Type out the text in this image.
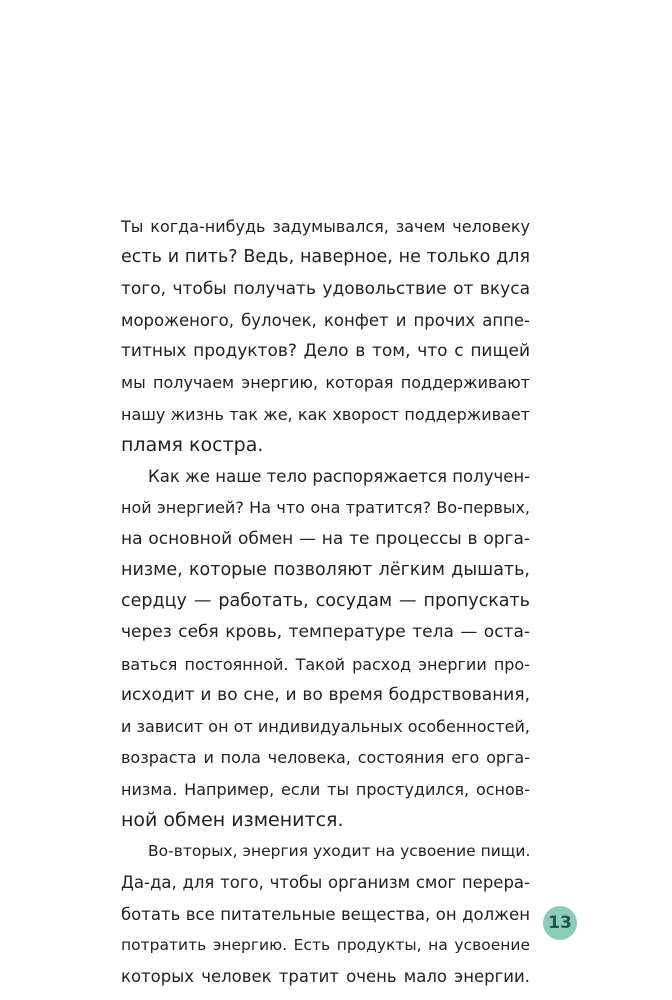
Ты когда-нибудь задумывался, зачем человеку
есть и пить? Ведь, наверное, не только для
того, чтобы получать удовольствие от вкуса
мороженого, булочек, конфет и прочих аппе-
титных продуктов? Дело в том, что с пищей
мы получаем энергию, которая поддерживают
нашу жизнь так же, как хворост поддерживает
пламя костра.
Как же наше тело распоряжается получен-
ной энергией? На что она тратится? Во-первых,
на основной обмен — на те процессы в орга-
низме, которые позволяют лёгким дышать,
сердцу — работать, сосудам — пропускать
через себя кровь, температуре тела — оста-
ваться постоянной. Такой расход энергии про-
исходит и во сне, и во время бодрствования,
и зависит он от индивидуальных особенностей,
возраста и пола человека, состояния его орга-
низма. Например, если ты простудился, основ-
ной обмен изменится.
Во-вторых, энергия уходит на усвоение пищи.
Да-да, для того, чтобы организм смог перера-
ботать все питательные вещества, он должен
потратить энергию. Есть продукты, на усвоение
которых человек тратит очень мало энергии.
13
